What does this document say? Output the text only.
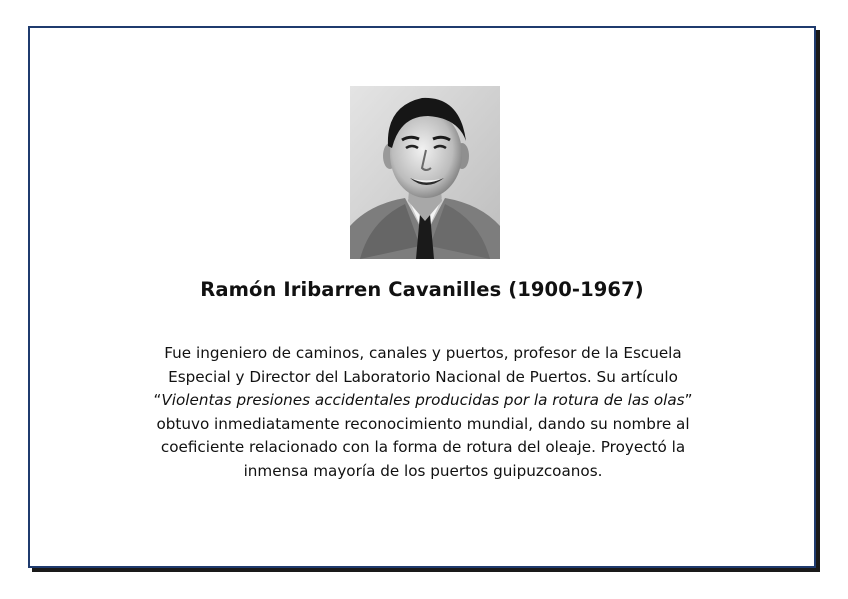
Ramón Iribarren Cavanilles (1900-1967)
Fue ingeniero de caminos, canales y puertos, profesor de la Escuela
Especial y Director del Laboratorio Nacional de Puertos. Su artículo
“Violentas presiones accidentales producidas por la rotura de las olas”
obtuvo inmediatamente reconocimiento mundial, dando su nombre al
coeficiente relacionado con la forma de rotura del oleaje. Proyectó la
inmensa mayoría de los puertos guipuzcoanos.
